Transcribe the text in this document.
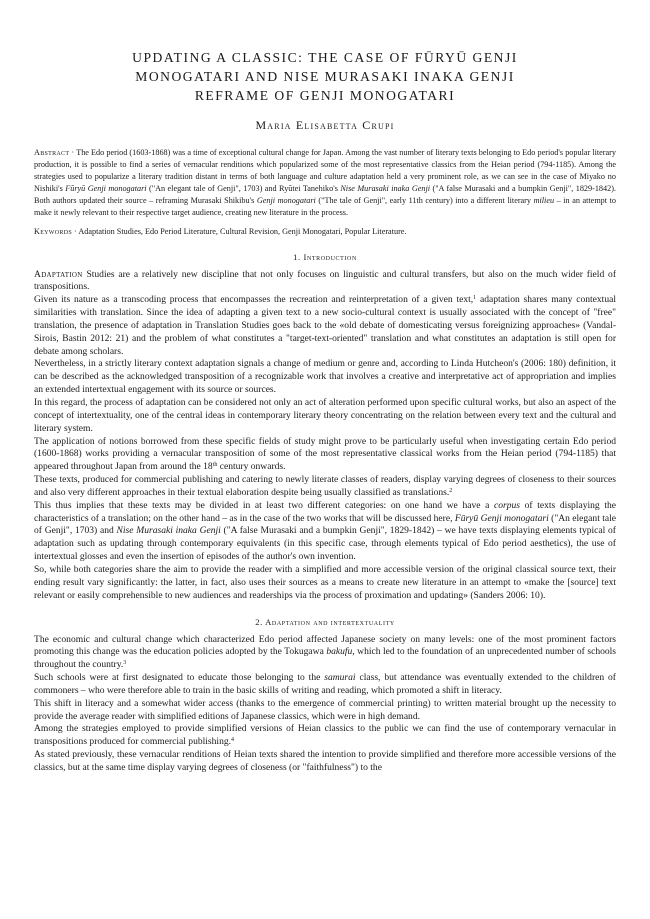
UPDATING A CLASSIC: THE CASE OF FŪRYŪ GENJI
MONOGATARI AND NISE MURASAKI INAKA GENJI
REFRAME OF GENJI MONOGATARI
Maria Elisabetta Crupi

Abstract · The Edo period (1603-1868) was a time of exceptional cultural change for Japan. Among the vast number of literary texts belonging to Edo period's popular literary production, it is possible to find a series of vernacular renditions which popularized some of the most representative classics from the Heian period (794-1185). Among the strategies used to popularize a literary tradition distant in terms of both language and culture adaptation held a very prominent role, as we can see in the case of Miyako no Nishiki's Fūryū Genji monogatari ("An elegant tale of Genji", 1703) and Ryūtei Tanehiko's Nise Murasaki inaka Genji ("A false Murasaki and a bumpkin Genji", 1829-1842). Both authors updated their source – reframing Murasaki Shikibu's Genji monogatari ("The tale of Genji", early 11th century) into a different literary milieu – in an attempt to make it newly relevant to their respective target audience, creating new literature in the process.

Keywords · Adaptation Studies, Edo Period Literature, Cultural Revision, Genji Monogatari, Popular Literature.

1. Introduction

Adaptation Studies are a relatively new discipline that not only focuses on linguistic and cultural transfers, but also on the much wider field of transpositions.

Given its nature as a transcoding process that encompasses the recreation and reinterpretation of a given text,$^1$ adaptation shares many contextual similarities with translation. Since the idea of adapting a given text to a new socio-cultural context is usually associated with the concept of "free" translation, the presence of adaptation in Translation Studies goes back to the «old debate of domesticating versus foreignizing approaches» (Vandal-Sirois, Bastin 2012: 21) and the problem of what constitutes a "target-text-oriented" translation and what constitutes an adaptation is still open for debate among scholars.

Nevertheless, in a strictly literary context adaptation signals a change of medium or genre and, according to Linda Hutcheon's (2006: 180) definition, it can be described as the acknowledged transposition of a recognizable work that involves a creative and interpretative act of appropriation and implies an extended intertextual engagement with its source or sources.

In this regard, the process of adaptation can be considered not only an act of alteration performed upon specific cultural works, but also an aspect of the concept of intertextuality, one of the central ideas in contemporary literary theory concentrating on the relation between every text and the cultural and literary system.

The application of notions borrowed from these specific fields of study might prove to be particularly useful when investigating certain Edo period (1600-1868) works providing a vernacular transposition of some of the most representative classical works from the Heian period (794-1185) that appeared throughout Japan from around the 18th century onwards.

These texts, produced for commercial publishing and catering to newly literate classes of readers, display varying degrees of closeness to their sources and also very different approaches in their textual elaboration despite being usually classified as translations.$^2$

This thus implies that these texts may be divided in at least two different categories: on one hand we have a corpus of texts displaying the characteristics of a translation; on the other hand – as in the case of the two works that will be discussed here, Fūryū Genji monogatari ("An elegant tale of Genji", 1703) and Nise Murasaki inaka Genji ("A false Murasaki and a bumpkin Genji", 1829-1842) – we have texts displaying elements typical of adaptation such as updating through contemporary equivalents (in this specific case, through elements typical of Edo period aesthetics), the use of intertextual glosses and even the insertion of episodes of the author's own invention.

So, while both categories share the aim to provide the reader with a simplified and more accessible version of the original classical source text, their ending result vary significantly: the latter, in fact, also uses their sources as a means to create new literature in an attempt to «make the [source] text relevant or easily comprehensible to new audiences and readerships via the process of proximation and updating» (Sanders 2006: 10).

2. Adaptation and intertextuality

The economic and cultural change which characterized Edo period affected Japanese society on many levels: one of the most prominent factors promoting this change was the education policies adopted by the Tokugawa bakufu, which led to the foundation of an unprecedented number of schools throughout the country.$^3$

Such schools were at first designated to educate those belonging to the samurai class, but attendance was eventually extended to the children of commoners – who were therefore able to train in the basic skills of writing and reading, which promoted a shift in literacy.

This shift in literacy and a somewhat wider access (thanks to the emergence of commercial printing) to written material brought up the necessity to provide the average reader with simplified editions of Japanese classics, which were in high demand.

Among the strategies employed to provide simplified versions of Heian classics to the public we can find the use of contemporary vernacular in transpositions produced for commercial publishing.$^4$

As stated previously, these vernacular renditions of Heian texts shared the intention to provide simplified and therefore more accessible versions of the classics, but at the same time display varying degrees of closeness (or "faithfulness") to the
